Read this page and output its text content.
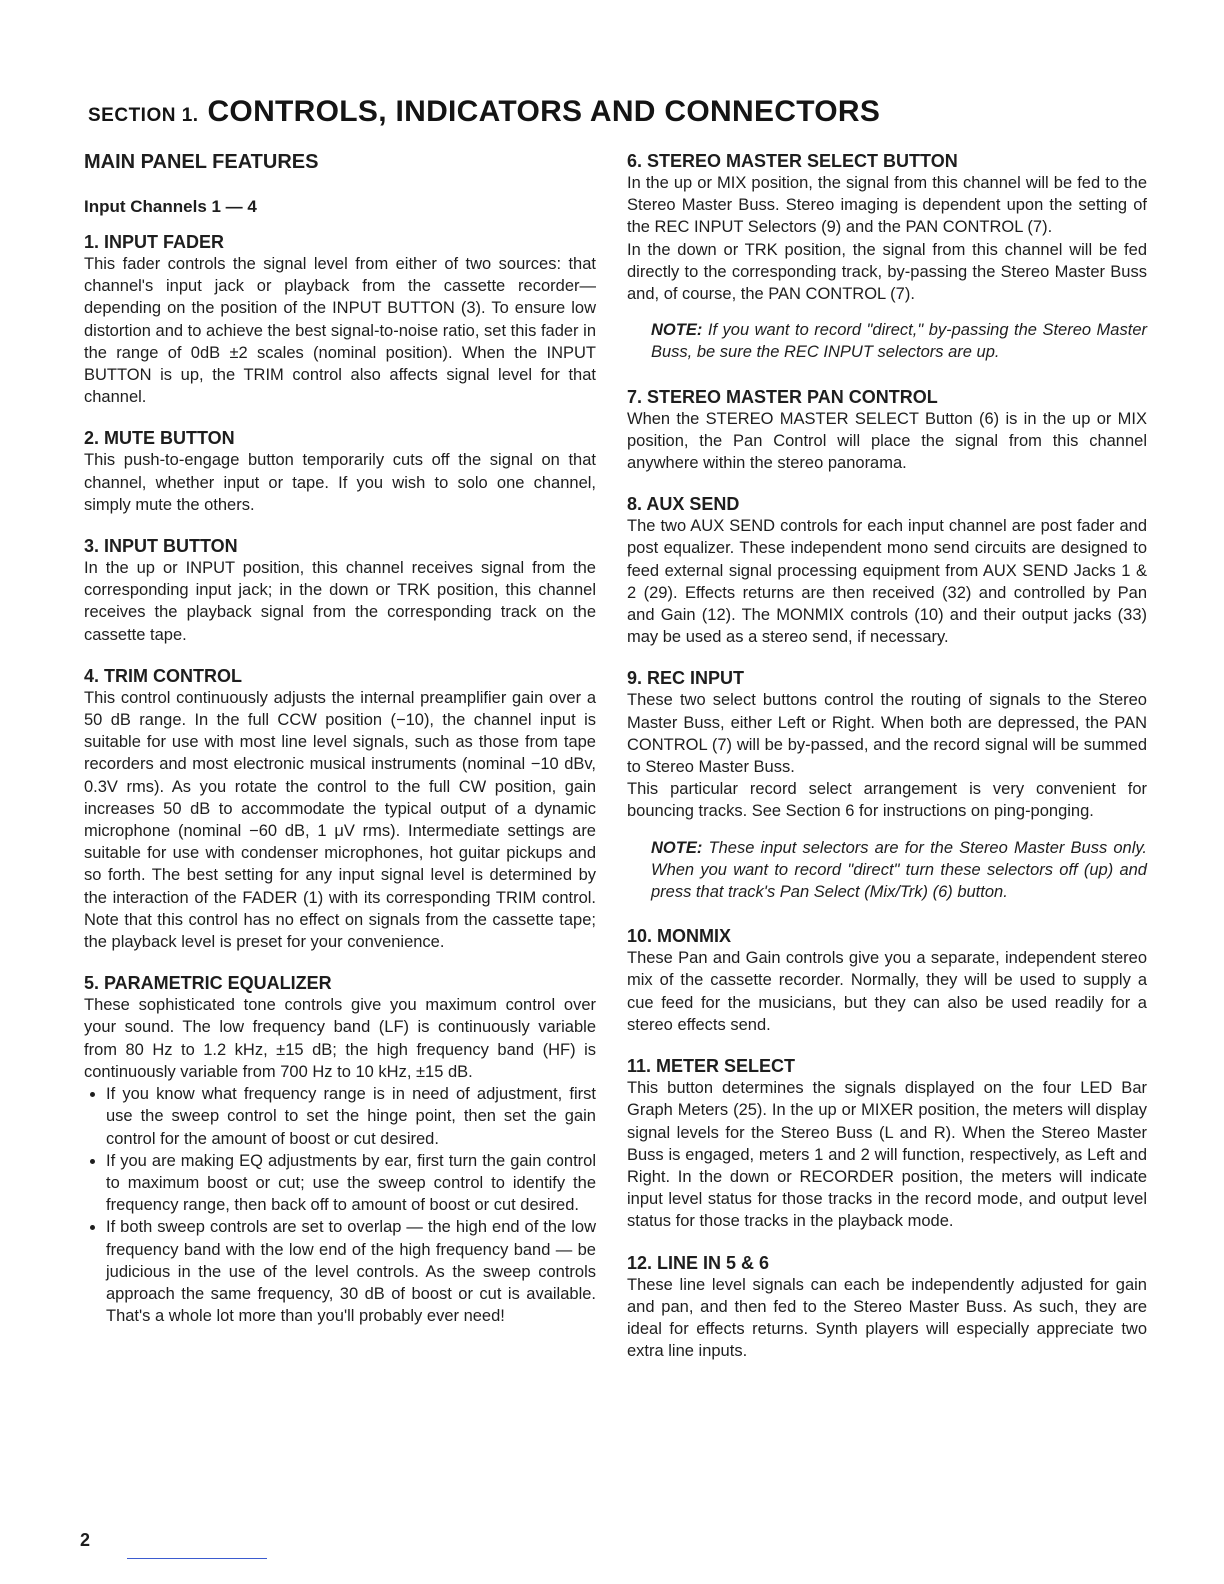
SECTION 1. CONTROLS, INDICATORS AND CONNECTORS
MAIN PANEL FEATURES
Input Channels 1 — 4

1. INPUT FADER

This fader controls the signal level from either of two sources: that channel's input jack or playback from the cassette recorder—depending on the position of the INPUT BUTTON (3). To ensure low distortion and to achieve the best signal-to-noise ratio, set this fader in the range of 0dB ±2 scales (nominal position). When the INPUT BUTTON is up, the TRIM control also affects signal level for that channel.

2. MUTE BUTTON

This push-to-engage button temporarily cuts off the signal on that channel, whether input or tape. If you wish to solo one channel, simply mute the others.

3. INPUT BUTTON

In the up or INPUT position, this channel receives signal from the corresponding input jack; in the down or TRK position, this channel receives the playback signal from the corresponding track on the cassette tape.

4. TRIM CONTROL

This control continuously adjusts the internal preamplifier gain over a 50 dB range. In the full CCW position (−10), the channel input is suitable for use with most line level signals, such as those from tape recorders and most electronic musical instruments (nominal −10 dBv, 0.3V rms). As you rotate the control to the full CW position, gain increases 50 dB to accommodate the typical output of a dynamic microphone (nominal −60 dB, 1 μV rms). Intermediate settings are suitable for use with condenser microphones, hot guitar pickups and so forth. The best setting for any input signal level is determined by the interaction of the FADER (1) with its corresponding TRIM control. Note that this control has no effect on signals from the cassette tape; the playback level is preset for your convenience.

5. PARAMETRIC EQUALIZER

These sophisticated tone controls give you maximum control over your sound. The low frequency band (LF) is continuously variable from 80 Hz to 1.2 kHz, ±15 dB; the high frequency band (HF) is continuously variable from 700 Hz to 10 kHz, ±15 dB.

• If you know what frequency range is in need of adjustment, first use the sweep control to set the hinge point, then set the gain control for the amount of boost or cut desired.
• If you are making EQ adjustments by ear, first turn the gain control to maximum boost or cut; use the sweep control to identify the frequency range, then back off to amount of boost or cut desired.
• If both sweep controls are set to overlap — the high end of the low frequency band with the low end of the high frequency band — be judicious in the use of the level controls. As the sweep controls approach the same frequency, 30 dB of boost or cut is available. That's a whole lot more than you'll probably ever need!

6. STEREO MASTER SELECT BUTTON

In the up or MIX position, the signal from this channel will be fed to the Stereo Master Buss. Stereo imaging is dependent upon the setting of the REC INPUT Selectors (9) and the PAN CONTROL (7).

In the down or TRK position, the signal from this channel will be fed directly to the corresponding track, by-passing the Stereo Master Buss and, of course, the PAN CONTROL (7).

NOTE: If you want to record "direct," by-passing the Stereo Master Buss, be sure the REC INPUT selectors are up.

7. STEREO MASTER PAN CONTROL

When the STEREO MASTER SELECT Button (6) is in the up or MIX position, the Pan Control will place the signal from this channel anywhere within the stereo panorama.

8. AUX SEND

The two AUX SEND controls for each input channel are post fader and post equalizer. These independent mono send circuits are designed to feed external signal processing equipment from AUX SEND Jacks 1 & 2 (29). Effects returns are then received (32) and controlled by Pan and Gain (12). The MONMIX controls (10) and their output jacks (33) may be used as a stereo send, if necessary.

9. REC INPUT

These two select buttons control the routing of signals to the Stereo Master Buss, either Left or Right. When both are depressed, the PAN CONTROL (7) will be by-passed, and the record signal will be summed to Stereo Master Buss.

This particular record select arrangement is very convenient for bouncing tracks. See Section 6 for instructions on ping-ponging.

NOTE: These input selectors are for the Stereo Master Buss only. When you want to record "direct" turn these selectors off (up) and press that track's Pan Select (Mix/Trk) (6) button.

10. MONMIX

These Pan and Gain controls give you a separate, independent stereo mix of the cassette recorder. Normally, they will be used to supply a cue feed for the musicians, but they can also be used readily for a stereo effects send.

11. METER SELECT

This button determines the signals displayed on the four LED Bar Graph Meters (25). In the up or MIXER position, the meters will display signal levels for the Stereo Buss (L and R). When the Stereo Master Buss is engaged, meters 1 and 2 will function, respectively, as Left and Right. In the down or RECORDER position, the meters will indicate input level status for those tracks in the record mode, and output level status for those tracks in the playback mode.

12. LINE IN 5 & 6

These line level signals can each be independently adjusted for gain and pan, and then fed to the Stereo Master Buss. As such, they are ideal for effects returns. Synth players will especially appreciate two extra line inputs.

2
